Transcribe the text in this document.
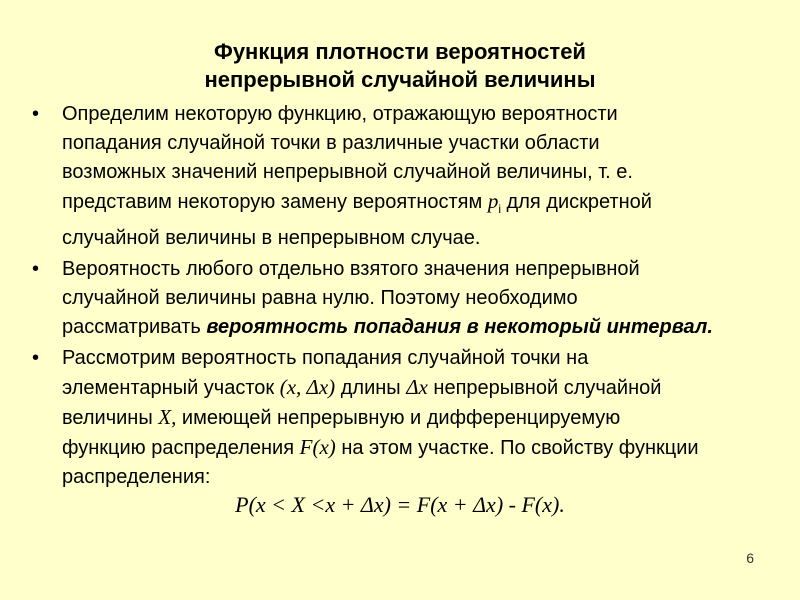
Функция плотности вероятностей
непрерывной случайной величины
• Определим некоторую функцию, отражающую вероятности
попадания случайной точки в различные участки области
возможных значений непрерывной случайной величины, т. е.
представим некоторую замену вероятностям $p_i$ для дискретной
случайной величины в непрерывном случае.
• Вероятность любого отдельно взятого значения непрерывной
случайной величины равна нулю. Поэтому необходимо
рассматривать вероятность попадания в некоторый интервал.
• Рассмотрим вероятность попадания случайной точки на
элементарный участок (x, Δx) длины Δx непрерывной случайной
величины X, имеющей непрерывную и дифференцируемую
функцию распределения F(x) на этом участке. По свойству функции
распределения:
P(x < X <x + Δx) = F(x + Δx) - F(x).
6
